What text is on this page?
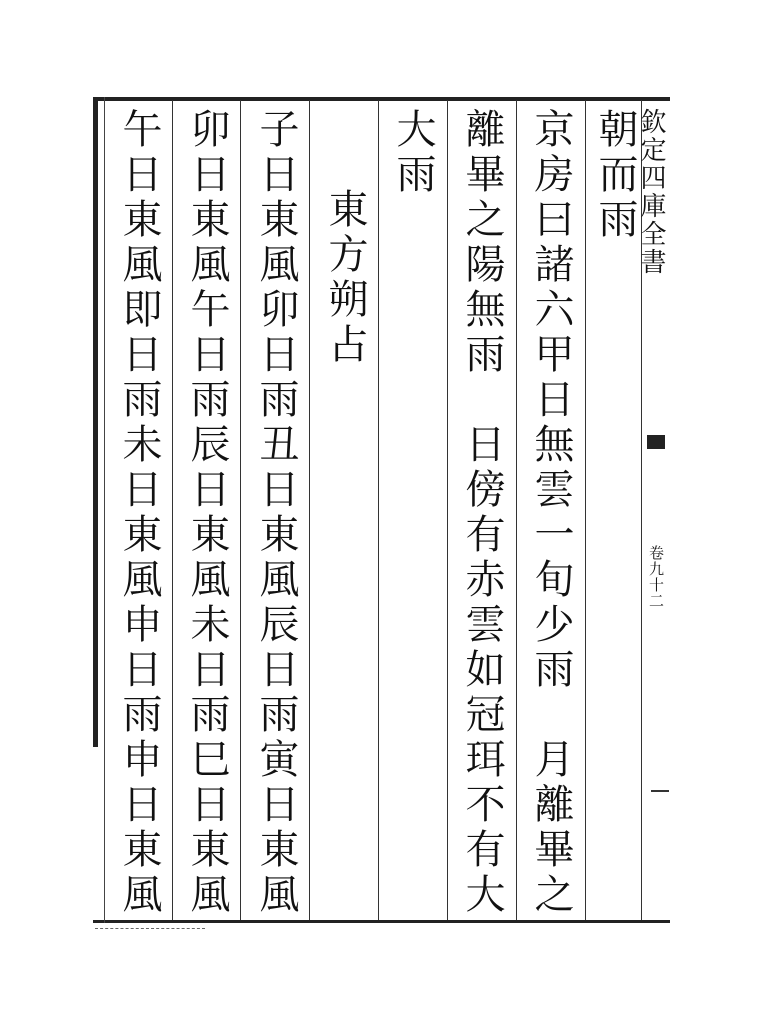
朝而雨
京房曰諸六甲日無雲一旬少雨　月離畢之
離畢之陽無雨　日傍有赤雲如冠珥不有大
大雨
東方朔占
子日東風卯日雨丑日東風辰日雨寅日東風
卯日東風午日雨辰日東風未日雨巳日東風
午日東風即日雨未日東風申日雨申日東風
欽定四庫全書
卷九十二
